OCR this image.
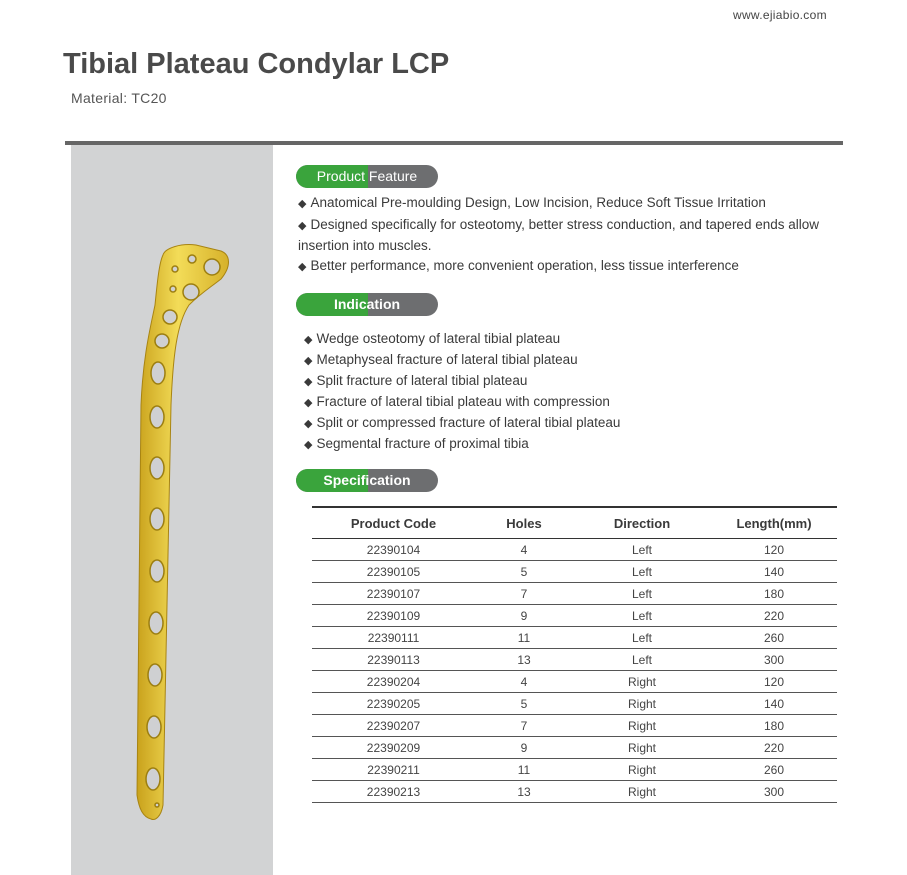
www.ejiabio.com
Tibial Plateau Condylar LCP
Material: TC20
Product Feature

◆ Anatomical Pre-moulding Design, Low Incision, Reduce Soft Tissue Irritation

◆ Designed specifically for osteotomy, better stress conduction, and tapered ends allow insertion into muscles.

◆ Better performance, more convenient operation, less tissue interference

Indication
◆ Wedge osteotomy of lateral tibial plateau
◆ Metaphyseal fracture of lateral tibial plateau
◆ Split fracture of lateral tibial plateau
◆ Fracture of lateral tibial plateau with compression
◆ Split or compressed fracture of lateral tibial plateau
◆ Segmental fracture of proximal tibia
Specification
Product Code	Holes	Direction	Length(mm)
22390104	4	Left	120
22390105	5	Left	140
22390107	7	Left	180
22390109	9	Left	220
22390111	11	Left	260
22390113	13	Left	300
22390204	4	Right	120
22390205	5	Right	140
22390207	7	Right	180
22390209	9	Right	220
22390211	11	Right	260
22390213	13	Right	300
